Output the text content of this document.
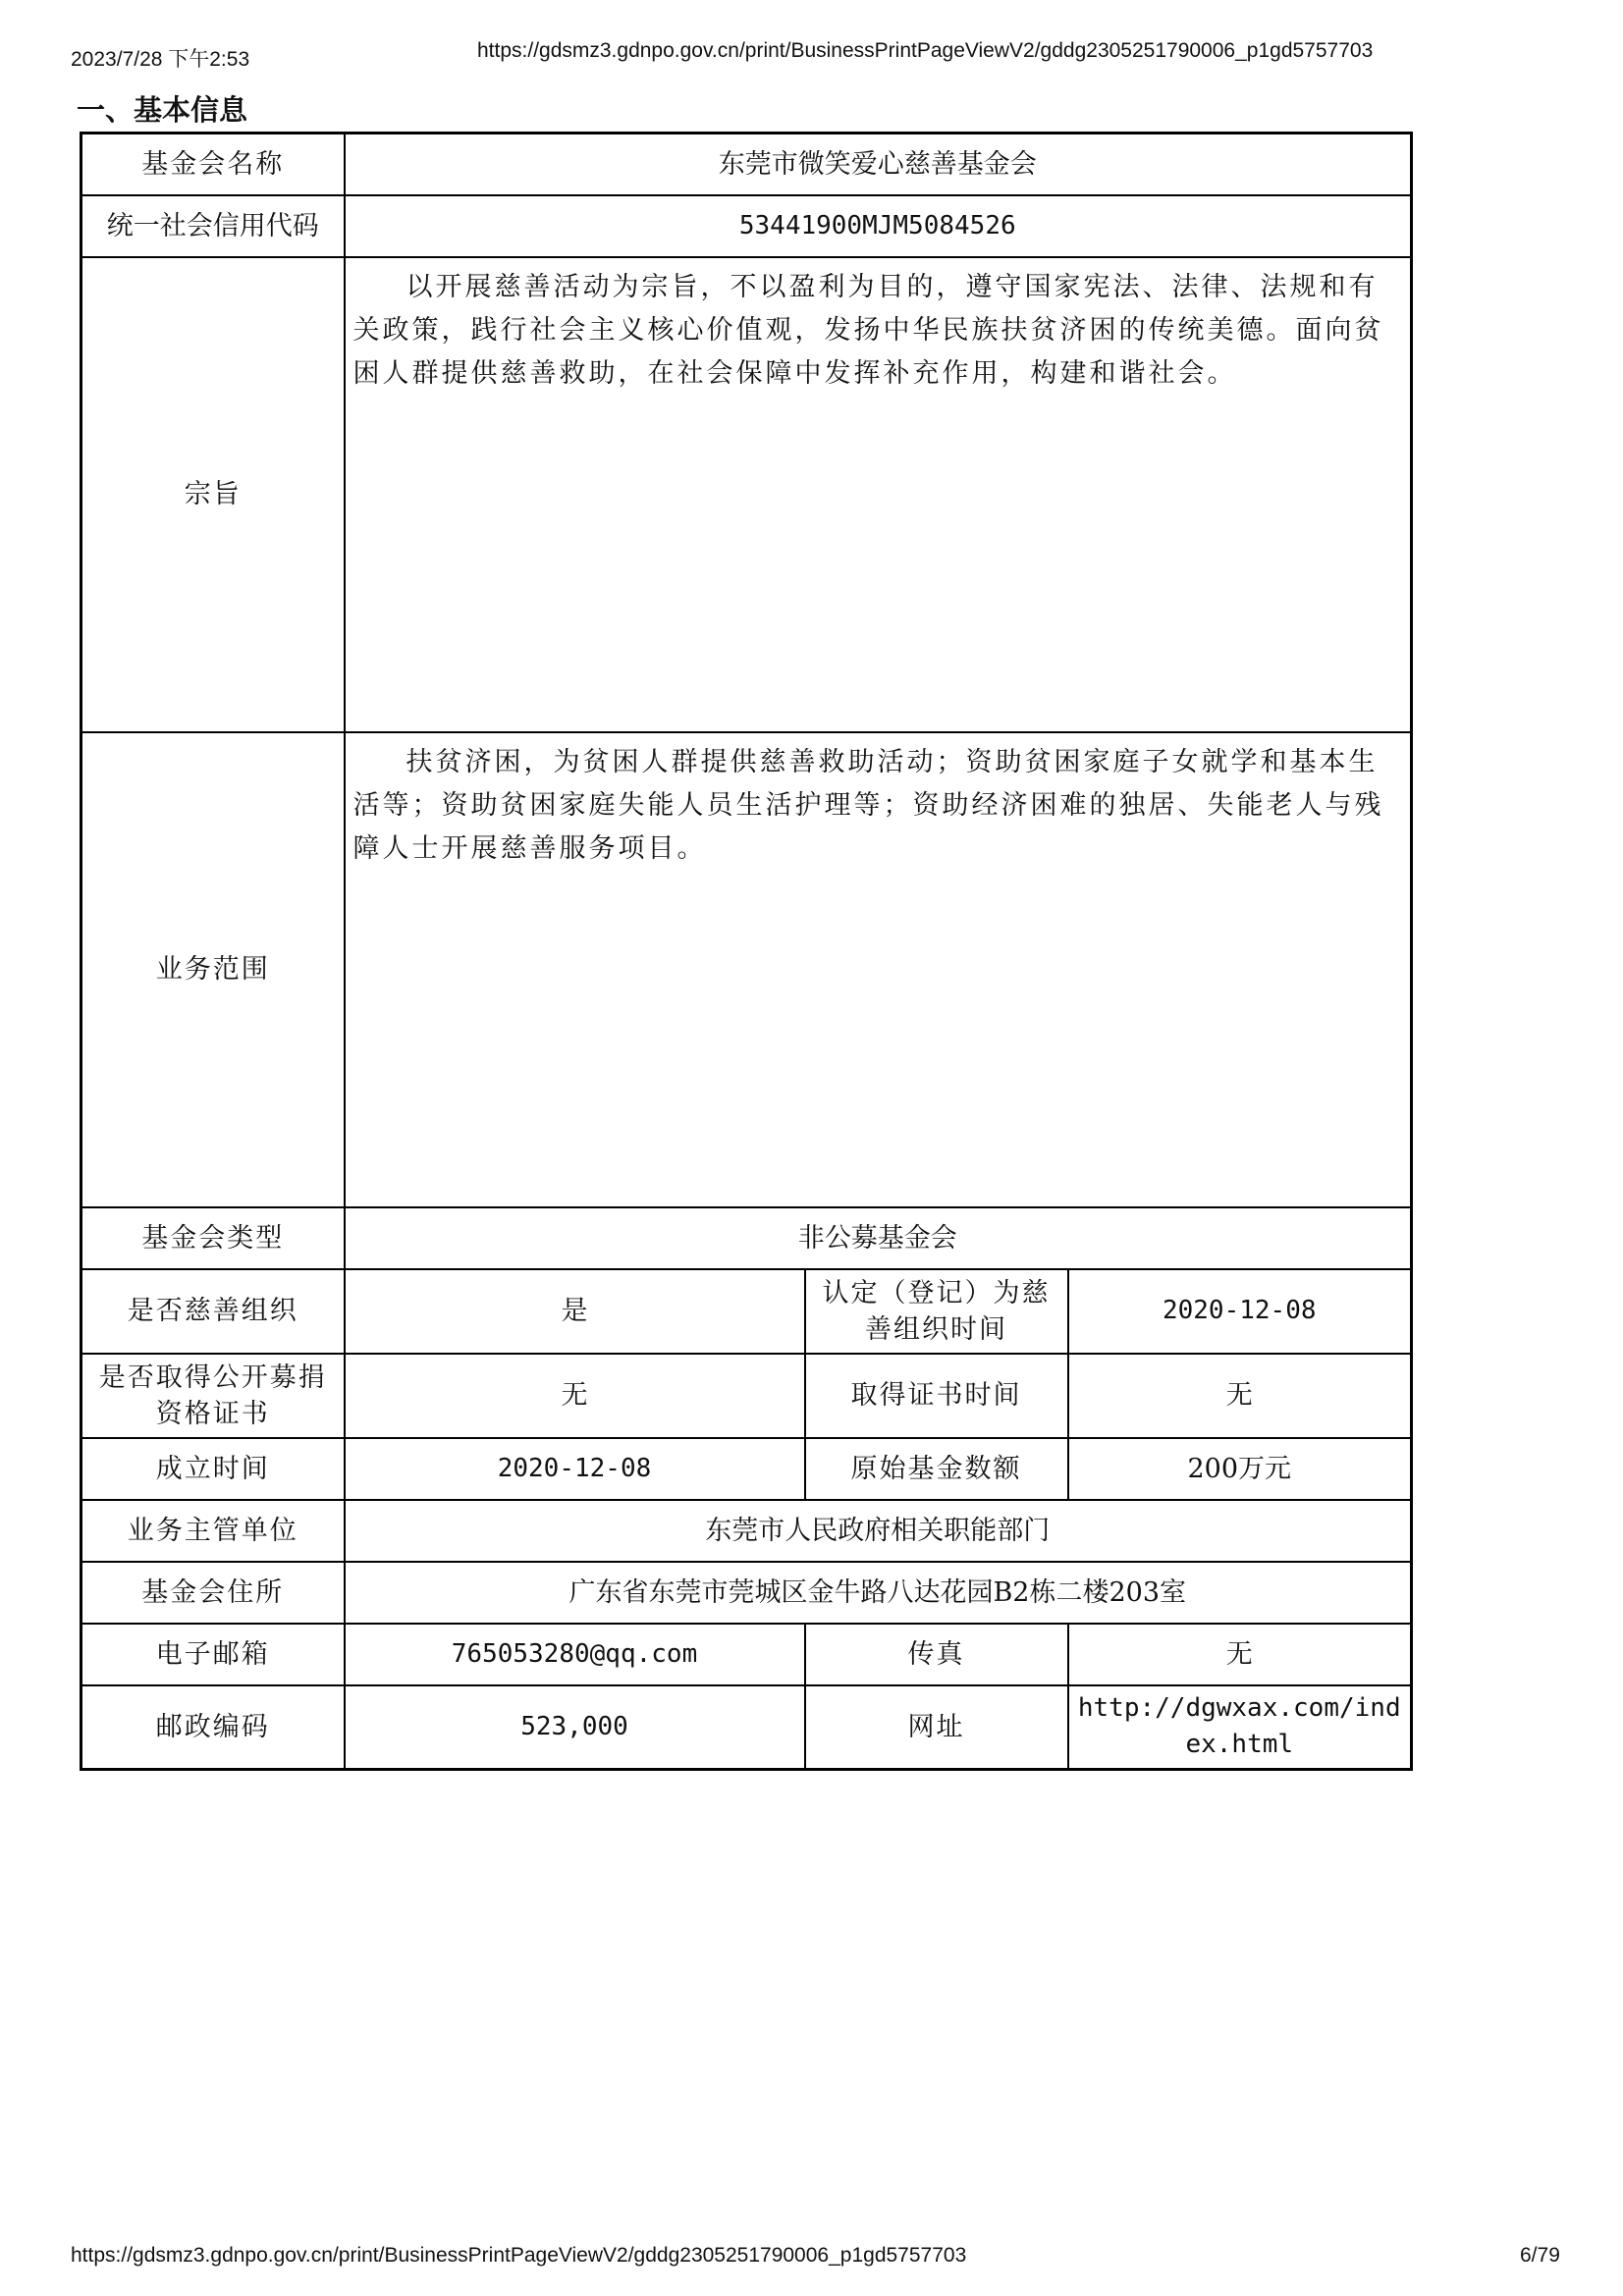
2023/7/28 下午2:53	https://gdsmz3.gdnpo.gov.cn/print/BusinessPrintPageViewV2/gddg2305251790006_p1gd5757703
一、基本信息
基金会名称	东莞市微笑爱心慈善基金会		
统一社会信用代码	53441900MJM5084526		
宗旨	以开展慈善活动为宗旨，不以盈利为目的，遵守国家宪法、法律、法规和有关政策，践行社会主义核心价值观，发扬中华民族扶贫济困的传统美德。面向贫困人群提供慈善救助，在社会保障中发挥补充作用，构建和谐社会。		
业务范围	扶贫济困，为贫困人群提供慈善救助活动；资助贫困家庭子女就学和基本生活等；资助贫困家庭失能人员生活护理等；资助经济困难的独居、失能老人与残障人士开展慈善服务项目。		
基金会类型	非公募基金会		
是否慈善组织	是	认定（登记）为慈善组织时间	2020-12-08
是否取得公开募捐资格证书	无	取得证书时间	无
成立时间	2020-12-08	原始基金数额	200万元
业务主管单位	东莞市人民政府相关职能部门		
基金会住所	广东省东莞市莞城区金牛路八达花园B2栋二楼203室		
电子邮箱	765053280@qq.com	传真	无
邮政编码	523,000	网址	http://dgwxax.com/index.html
https://gdsmz3.gdnpo.gov.cn/print/BusinessPrintPageViewV2/gddg2305251790006_p1gd5757703	6/79
